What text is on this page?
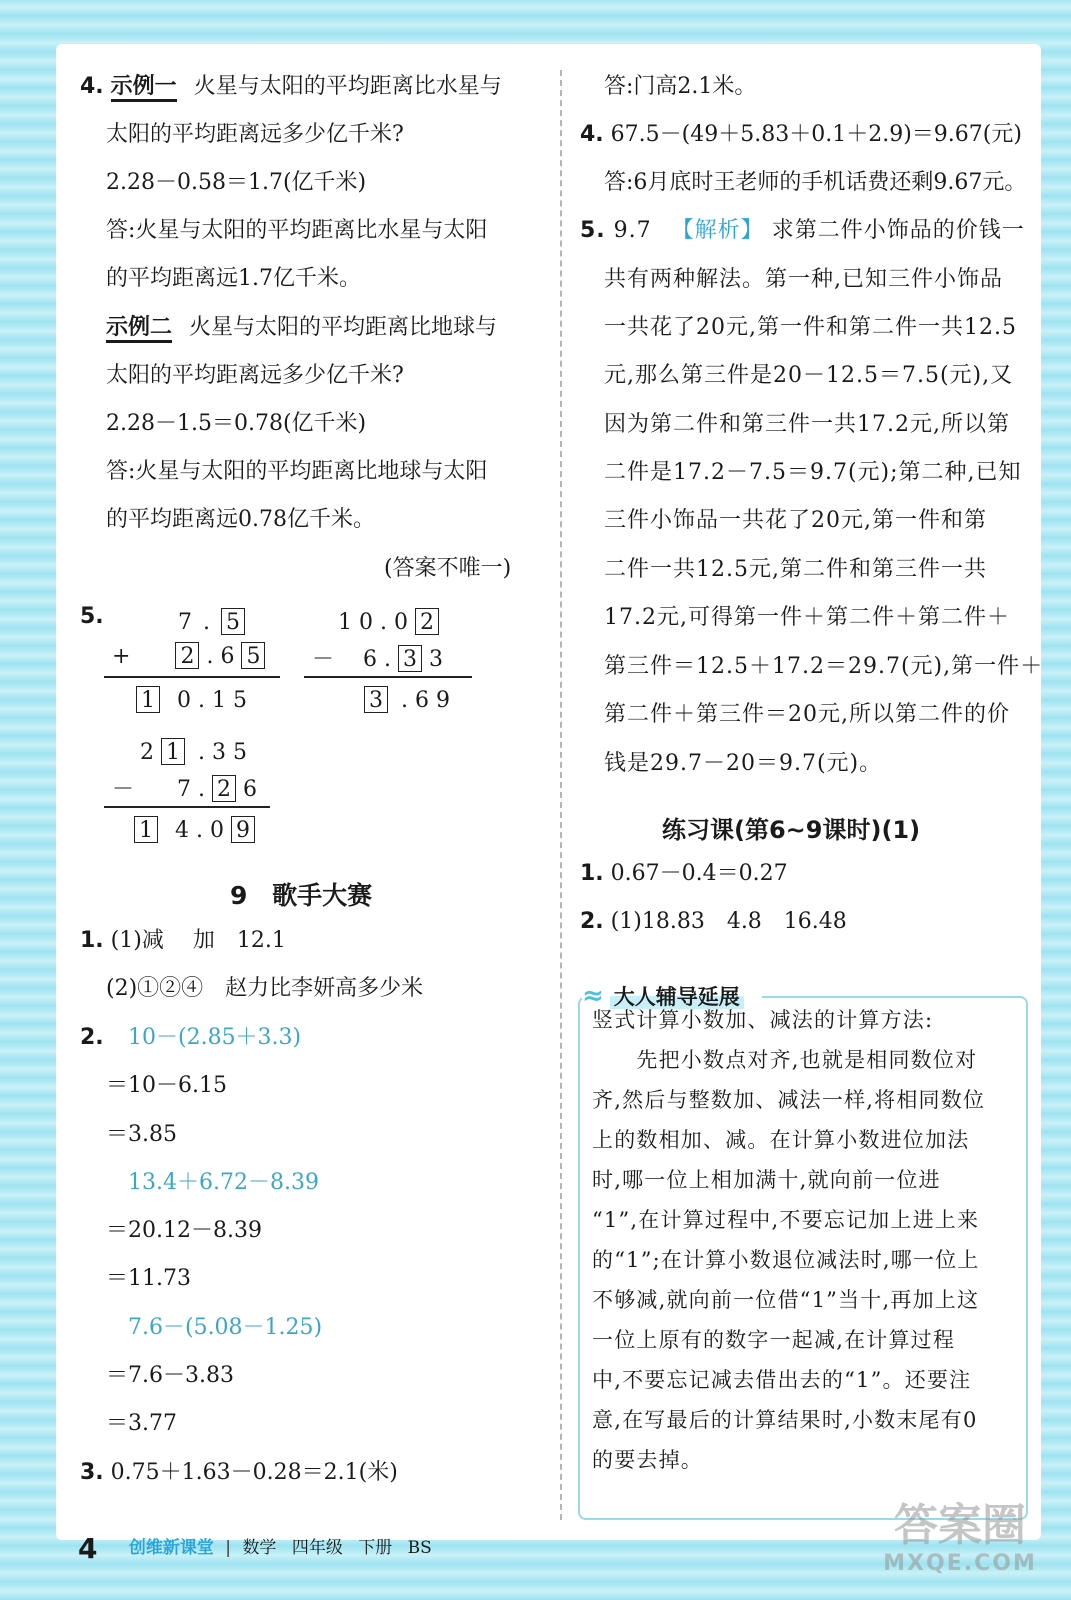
4. 示例一 火星与太阳的平均距离比水星与
太阳的平均距离远多少亿千米?
2.28－0.58＝1.7(亿千米)
答:火星与太阳的平均距离比水星与太阳
的平均距离远1.7亿千米。
示例二 火星与太阳的平均距离比地球与
太阳的平均距离远多少亿千米?
2.28－1.5＝0.78(亿千米)
答:火星与太阳的平均距离比地球与太阳
的平均距离远0.78亿千米。
(答案不唯一)
5.	7 . 5
+ 2 . 6 5
1 0 . 1 5
1 0 . 0 2
－ 6 . 3 3
3 . 6 9
2 1 . 3 5
－ 7 . 2 6
1 4 . 0 9
9 歌手大赛
1. (1)减　 加　12.1
(2)①②④　赵力比李妍高多少米
2. 10－(2.85＋3.3)
＝10－6.15
＝3.85
13.4＋6.72－8.39
＝20.12－8.39
＝11.73
7.6－(5.08－1.25)
＝7.6－3.83
＝3.77
3. 0.75＋1.63－0.28＝2.1(米)
答:门高2.1米。
4. 67.5－(49＋5.83＋0.1＋2.9)＝9.67(元)
答:6月底时王老师的手机话费还剩9.67元。
5. 9.7 【解析】 求第二件小饰品的价钱一
共有两种解法。第一种,已知三件小饰品
一共花了20元,第一件和第二件一共12.5
元,那么第三件是20－12.5＝7.5(元),又
因为第二件和第三件一共17.2元,所以第
二件是17.2－7.5＝9.7(元);第二种,已知
三件小饰品一共花了20元,第一件和第
二件一共12.5元,第二件和第三件一共
17.2元,可得第一件＋第二件＋第二件＋
第三件＝12.5＋17.2＝29.7(元),第一件＋
第二件＋第三件＝20元,所以第二件的价
钱是29.7－20＝9.7(元)。
练习课(第6~9课时)(1)
1. 0.67－0.4＝0.27
2. (1)18.83　4.8　16.48
≈ 大人辅导延展
竖式计算小数加、减法的计算方法:
　　先把小数点对齐,也就是相同数位对
齐,然后与整数加、减法一样,将相同数位
上的数相加、减。在计算小数进位加法
时,哪一位上相加满十,就向前一位进
“1”,在计算过程中,不要忘记加上进上来
的“1”;在计算小数退位减法时,哪一位上
不够减,就向前一位借“1”当十,再加上这
一位上原有的数字一起减,在计算过程
中,不要忘记减去借出去的“1”。还要注
意,在写最后的计算结果时,小数末尾有0
的要去掉。
4 创维新课堂 | 数学 四年级 下册 BS	答案圈
MXQE.COM
